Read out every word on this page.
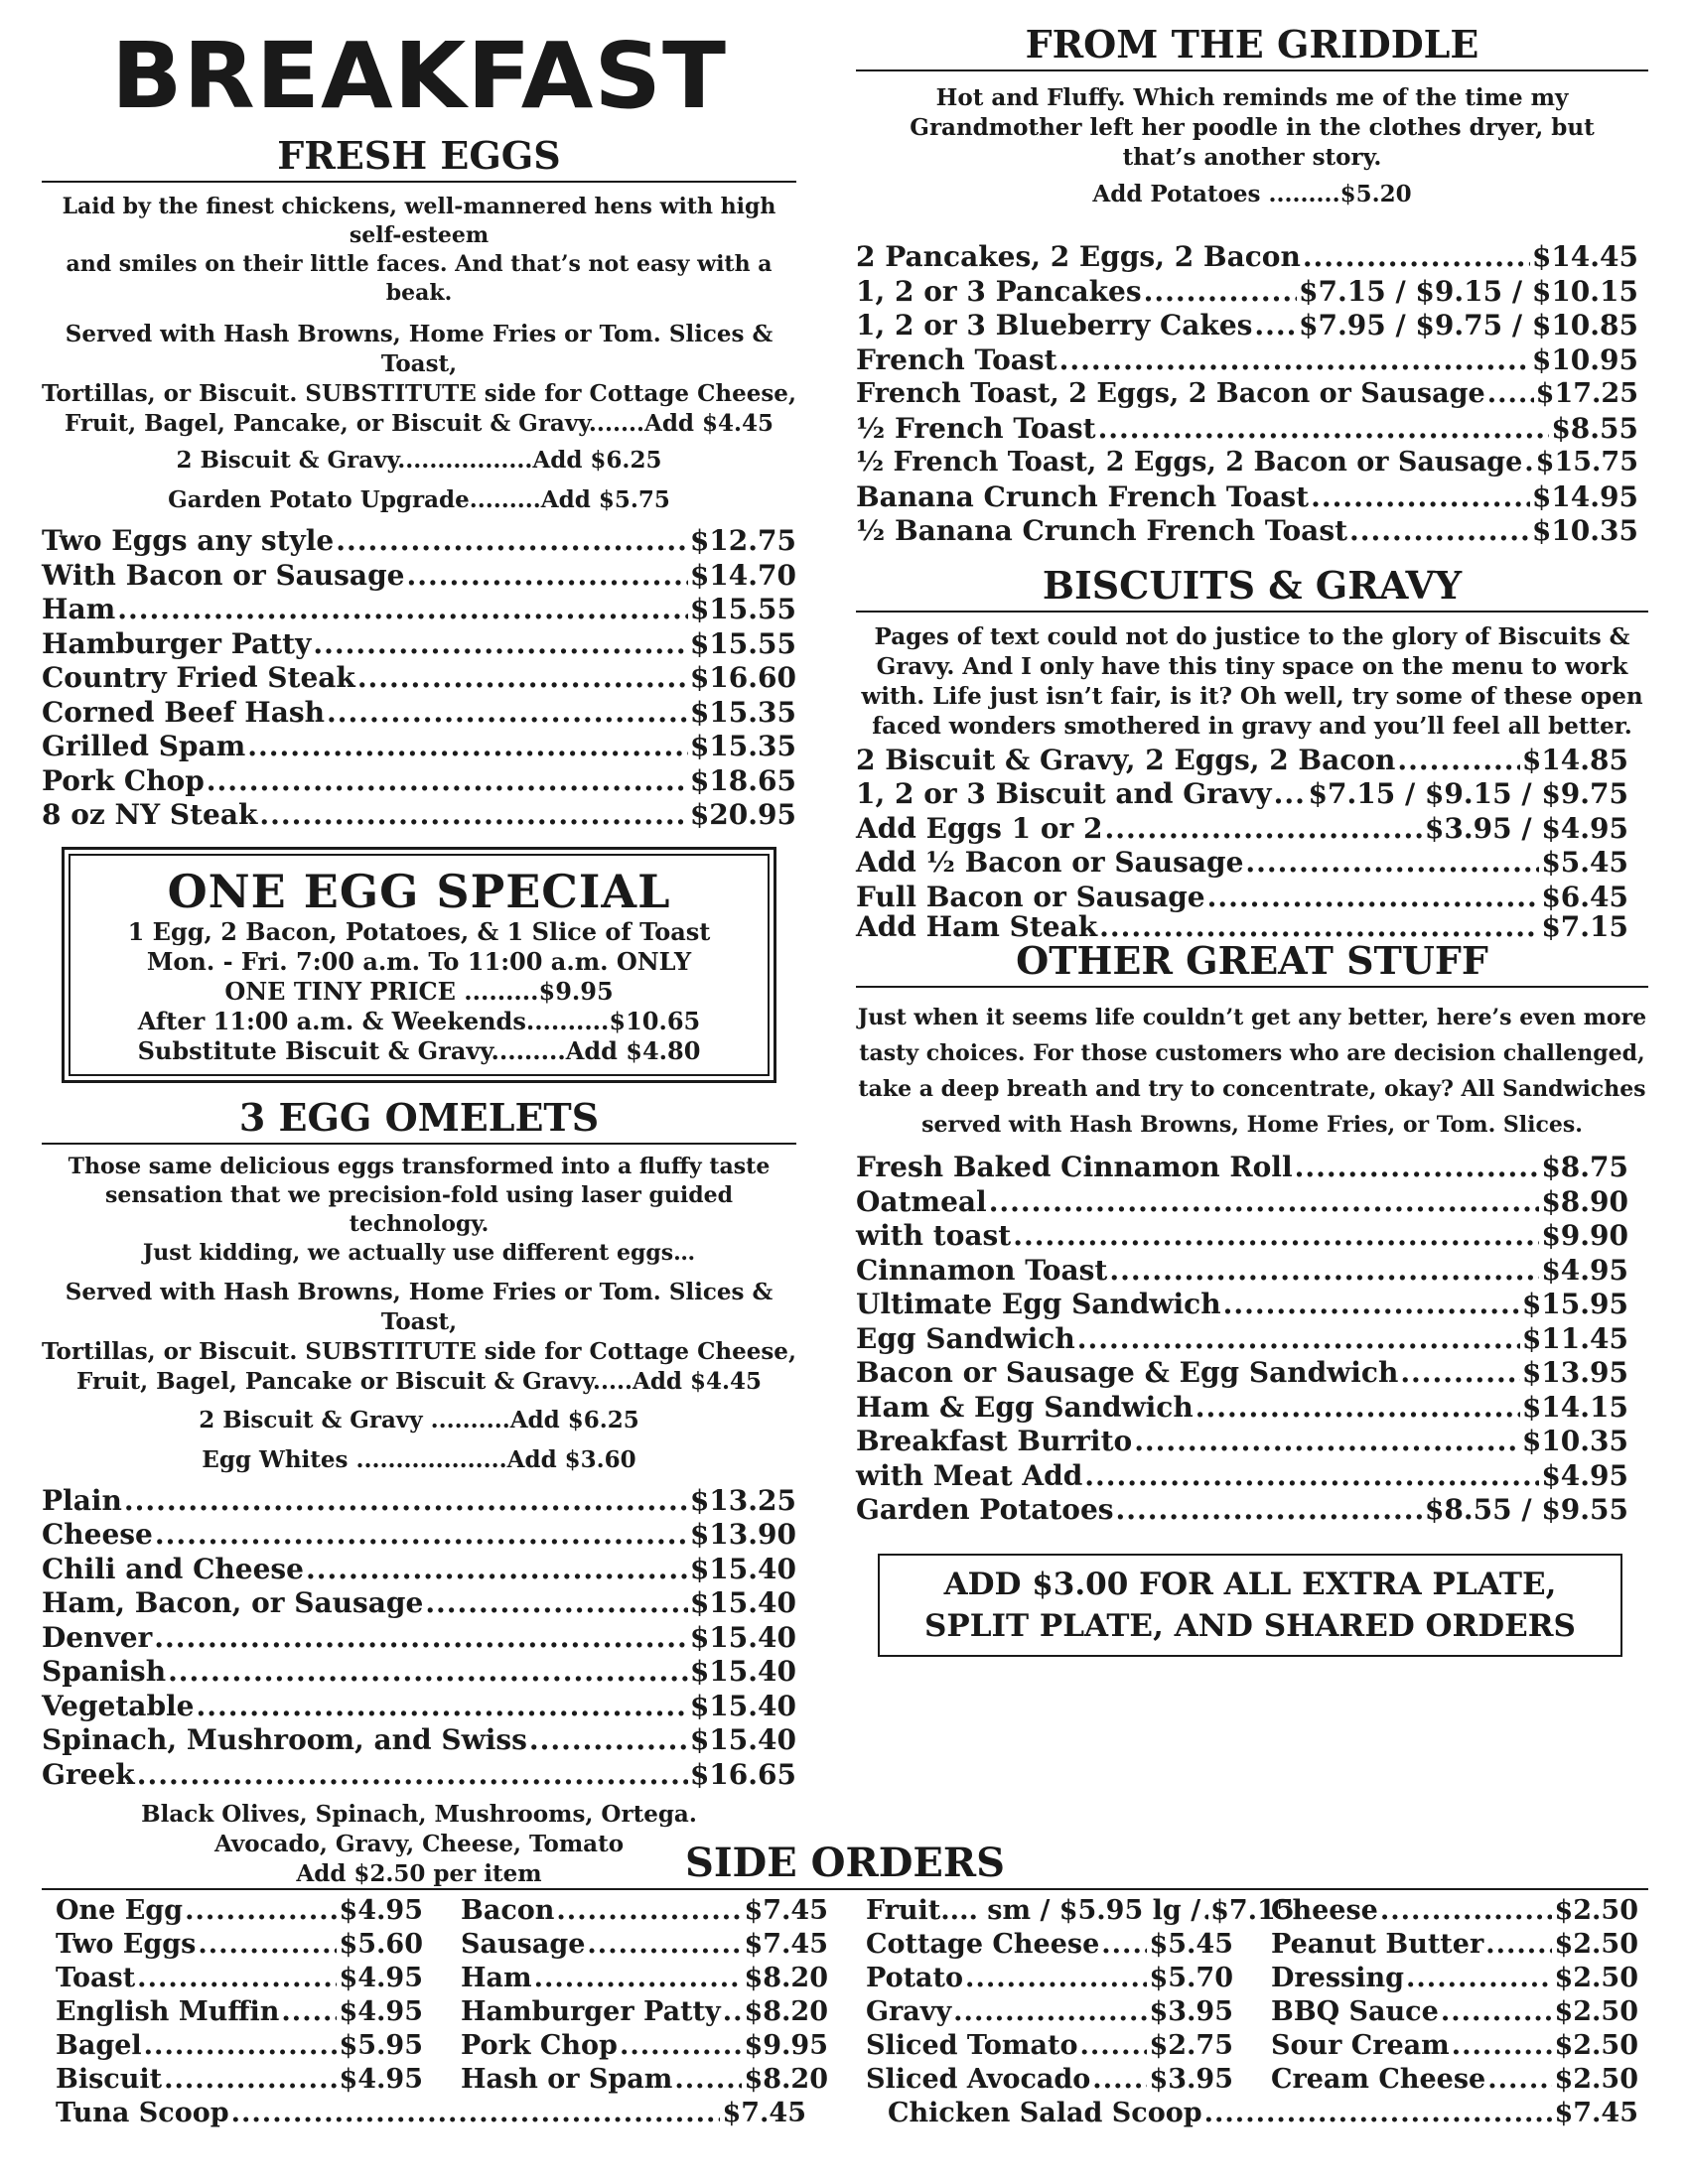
BREAKFAST
FRESH EGGS
Laid by the finest chickens, well-mannered hens with high self-esteem
and smiles on their little faces. And that’s not easy with a beak.
Served with Hash Browns, Home Fries or Tom. Slices & Toast,
Tortillas, or Biscuit. SUBSTITUTE side for Cottage Cheese,
Fruit, Bagel, Pancake, or Biscuit & Gravy.......Add $4.45
2 Biscuit & Gravy.................Add $6.25
Garden Potato Upgrade.........Add $5.75
Two Eggs any style .....	$12.75
With Bacon or Sausage .....	$14.70
Ham .....	$15.55
Hamburger Patty .....	$15.55
Country Fried Steak .....	$16.60
Corned Beef Hash .....	$15.35
Grilled Spam .....	$15.35
Pork Chop .....	$18.65
8 oz NY Steak .....	$20.95
ONE EGG SPECIAL
1 Egg, 2 Bacon, Potatoes, & 1 Slice of Toast
Mon. - Fri. 7:00 a.m. To 11:00 a.m. ONLY
ONE TINY PRICE .........$9.95
After 11:00 a.m. & Weekends..........$10.65
Substitute Biscuit & Gravy.........Add $4.80
3 EGG OMELETS
Those same delicious eggs transformed into a fluffy taste
sensation that we precision-fold using laser guided technology.
Just kidding, we actually use different eggs…
Served with Hash Browns, Home Fries or Tom. Slices & Toast,
Tortillas, or Biscuit. SUBSTITUTE side for Cottage Cheese,
Fruit, Bagel, Pancake or Biscuit & Gravy.....Add $4.45
2 Biscuit & Gravy ..........Add $6.25
Egg Whites ...................Add $3.60
Plain .....	$13.25
Cheese .....	$13.90
Chili and Cheese .....	$15.40
Ham, Bacon, or Sausage .....	$15.40
Denver .....	$15.40
Spanish .....	$15.40
Vegetable .....	$15.40
Spinach, Mushroom, and Swiss .....	$15.40
Greek .....	$16.65
Black Olives, Spinach, Mushrooms, Ortega.
Avocado, Gravy, Cheese, Tomato
Add $2.50 per item
FROM THE GRIDDLE
Hot and Fluffy. Which reminds me of the time my
Grandmother left her poodle in the clothes dryer, but
that’s another story.
Add Potatoes .........$5.20
2 Pancakes, 2 Eggs, 2 Bacon .....	$14.45
1, 2 or 3 Pancakes .....	$7.15 / $9.15 / $10.15
1, 2 or 3 Blueberry Cakes ..... $7.95 / $9.75 / $10.85
French Toast .....	$10.95
French Toast, 2 Eggs, 2 Bacon or Sausage ..... $17.25
½ French Toast .....	$8.55
½ French Toast, 2 Eggs, 2 Bacon or Sausage ..... $15.75
Banana Crunch French Toast .....	$14.95
½ Banana Crunch French Toast .....	$10.35
BISCUITS & GRAVY
Pages of text could not do justice to the glory of Biscuits &
Gravy. And I only have this tiny space on the menu to work
with. Life just isn’t fair, is it? Oh well, try some of these open
faced wonders smothered in gravy and you’ll feel all better.
2 Biscuit & Gravy, 2 Eggs, 2 Bacon .....	$14.85
1, 2 or 3 Biscuit and Gravy ..... $7.15 / $9.15 / $9.75
Add Eggs 1 or 2 .....	$3.95 / $4.95
Add ½ Bacon or Sausage .....	$5.45
Full Bacon or Sausage .....	$6.45
Add Ham Steak .....	$7.15
OTHER GREAT STUFF
Just when it seems life couldn’t get any better, here’s even more
tasty choices. For those customers who are decision challenged,
take a deep breath and try to concentrate, okay? All Sandwiches
served with Hash Browns, Home Fries, or Tom. Slices.
Fresh Baked Cinnamon Roll .....	$8.75
Oatmeal .....	$8.90
with toast .....	$9.90
Cinnamon Toast .....	$4.95
Ultimate Egg Sandwich .....	$15.95
Egg Sandwich .....	$11.45
Bacon or Sausage & Egg Sandwich .....	$13.95
Ham & Egg Sandwich .....	$14.15
Breakfast Burrito .....	$10.35
with Meat Add .....	$4.95
Garden Potatoes .....	$8.55 / $9.55
ADD $3.00 FOR ALL EXTRA PLATE,
SPLIT PLATE, AND SHARED ORDERS
SIDE ORDERS
One Egg .....	$4.95
Two Eggs .....	$5.60
Toast .....	$4.95
English Muffin ..... $4.95
Bagel .....	$5.95
Biscuit .....	$4.95
Bacon .....	$7.45
Sausage .....	$7.45
Ham .....	$8.20
Hamburger Patty ..... $8.20
Pork Chop .....	$9.95
Hash or Spam .....	$8.20
Fruit.... sm / $5.95 lg / ..... $7.15
Cottage Cheese ..... $5.45
Potato .....	$5.70
Gravy .....	$3.95
Sliced Tomato .....	$2.75
Sliced Avocado ..... $3.95
Cheese .....	$2.50
Peanut Butter .....	$2.50
Dressing .....	$2.50
BBQ Sauce .....	$2.50
Sour Cream .....	$2.50
Cream Cheese .....	$2.50
Tuna Scoop .....	$7.45	Chicken Salad Scoop .....	$7.45
